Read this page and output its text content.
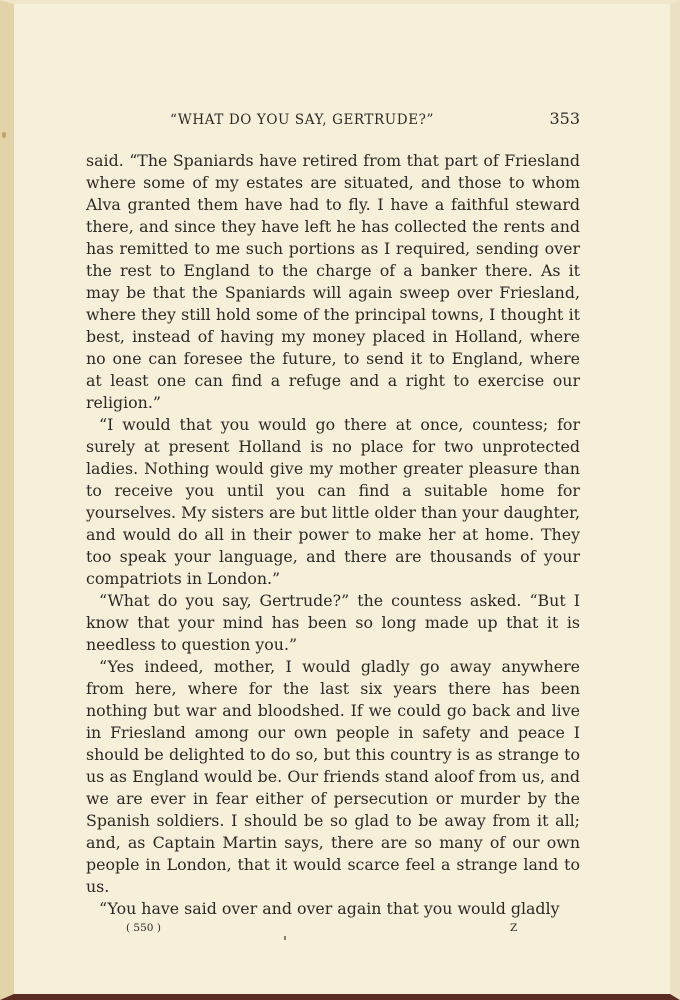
“WHAT DO YOU SAY, GERTRUDE?”	353

said. “The Spaniards have retired from that part of Friesland where some of my estates are situated, and those to whom Alva granted them have had to fly. I have a faithful steward there, and since they have left he has collected the rents and has remitted to me such portions as I required, sending over the rest to England to the charge of a banker there. As it may be that the Spaniards will again sweep over Friesland, where they still hold some of the principal towns, I thought it best, instead of having my money placed in Holland, where no one can foresee the future, to send it to England, where at least one can find a refuge and a right to exercise our religion.”

“I would that you would go there at once, countess; for surely at present Holland is no place for two unprotected ladies. Nothing would give my mother greater pleasure than to receive you until you can find a suitable home for yourselves. My sisters are but little older than your daughter, and would do all in their power to make her at home. They too speak your language, and there are thousands of your compatriots in London.”

“What do you say, Gertrude?” the countess asked. “But I know that your mind has been so long made up that it is needless to question you.”

“Yes indeed, mother, I would gladly go away anywhere from here, where for the last six years there has been nothing but war and bloodshed. If we could go back and live in Friesland among our own people in safety and peace I should be delighted to do so, but this country is as strange to us as England would be. Our friends stand aloof from us, and we are ever in fear either of persecution or murder by the Spanish soldiers. I should be so glad to be away from it all; and, as Captain Martin says, there are so many of our own people in London, that it would scarce feel a strange land to us.

“You have said over and over again that you would gladly

( 550 )	Z
